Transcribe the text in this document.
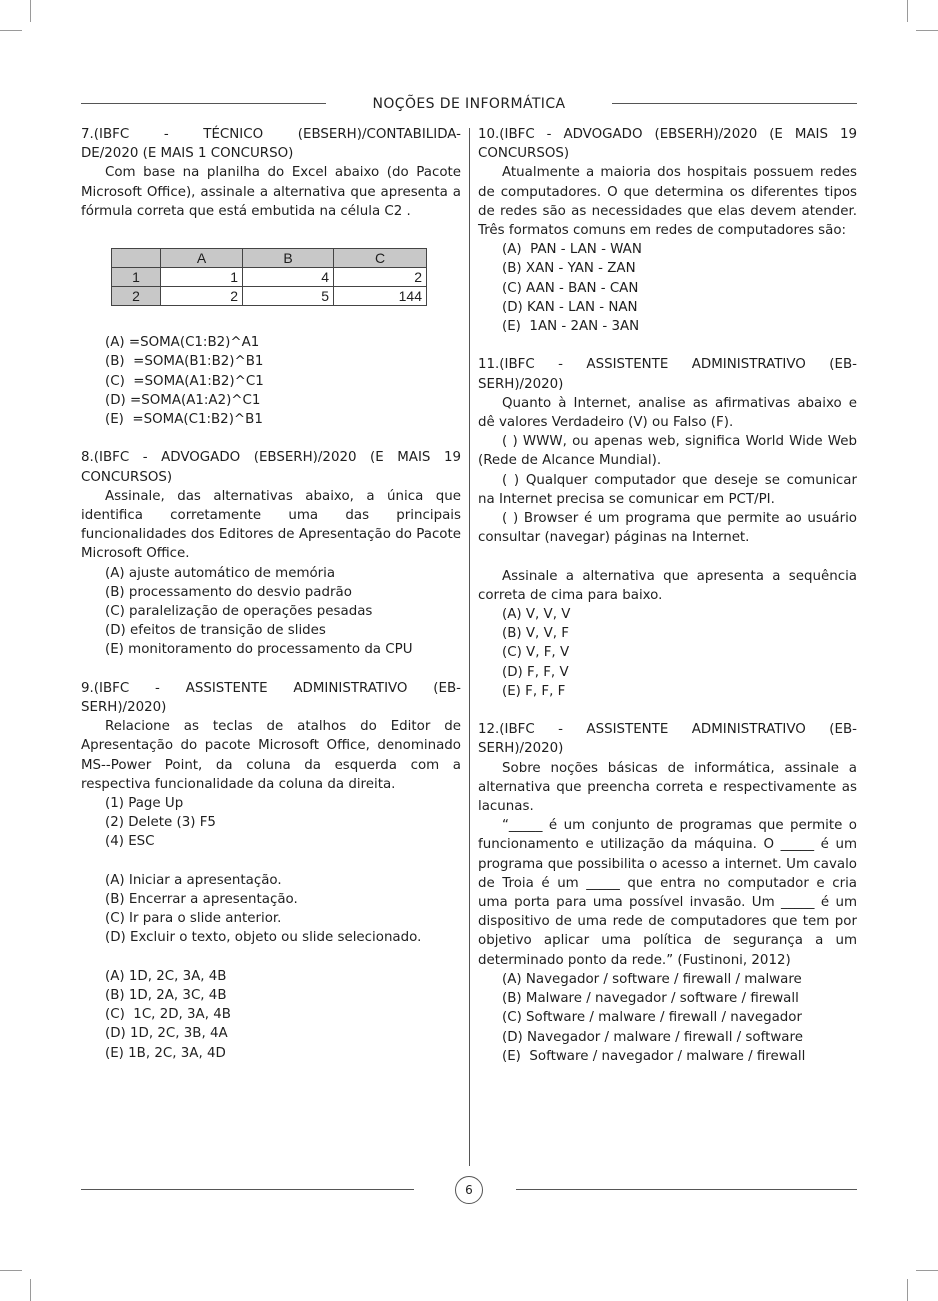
NOÇÕES DE INFORMÁTICA
7.(IBFC - TÉCNICO (EBSERH)/CONTABILIDA-
DE/2020 (E MAIS 1 CONCURSO)

Com base na planilha do Excel abaixo (do Pacote Microsoft Office), assinale a alternativa que apresenta a fórmula correta que está embutida na célula C2 .

	A	B	C
1	1	4	2
2	2	5	144
(A) =SOMA(C1:B2)^A1
(B)  =SOMA(B1:B2)^B1
(C)  =SOMA(A1:B2)^C1
(D) =SOMA(A1:A2)^C1
(E)  =SOMA(C1:B2)^B1
8.(IBFC - ADVOGADO (EBSERH)/2020 (E MAIS 19
CONCURSOS)

Assinale, das alternativas abaixo, a única que identifica corretamente uma das principais funcionalidades dos Editores de Apresentação do Pacote Microsoft Office.

(A) ajuste automático de memória
(B) processamento do desvio padrão
(C) paralelização de operações pesadas
(D) efeitos de transição de slides
(E) monitoramento do processamento da CPU
9.(IBFC - ASSISTENTE ADMINISTRATIVO (EB-
SERH)/2020)

Relacione as teclas de atalhos do Editor de Apresentação do pacote Microsoft Office, denominado MS--Power Point, da coluna da esquerda com a respectiva funcionalidade da coluna da direita.

(1) Page Up
(2) Delete (3) F5
(4) ESC
(A) Iniciar a apresentação.
(B) Encerrar a apresentação.
(C) Ir para o slide anterior.
(D) Excluir o texto, objeto ou slide selecionado.
(A) 1D, 2C, 3A, 4B
(B) 1D, 2A, 3C, 4B
(C)  1C, 2D, 3A, 4B
(D) 1D, 2C, 3B, 4A
(E) 1B, 2C, 3A, 4D
10.(IBFC - ADVOGADO (EBSERH)/2020 (E MAIS 19
CONCURSOS)

Atualmente a maioria dos hospitais possuem redes de computadores. O que determina os diferentes tipos de redes são as necessidades que elas devem atender. Três formatos comuns em redes de computadores são:

(A)  PAN - LAN - WAN
(B) XAN - YAN - ZAN
(C) AAN - BAN - CAN
(D) KAN - LAN - NAN
(E)  1AN - 2AN - 3AN
11.(IBFC - ASSISTENTE ADMINISTRATIVO (EB-
SERH)/2020)

Quanto à Internet, analise as afirmativas abaixo e dê valores Verdadeiro (V) ou Falso (F).

( ) WWW, ou apenas web, significa World Wide Web (Rede de Alcance Mundial).

( ) Qualquer computador que deseje se comunicar na Internet precisa se comunicar em PCT/PI.

( ) Browser é um programa que permite ao usuário consultar (navegar) páginas na Internet.

Assinale a alternativa que apresenta a sequência correta de cima para baixo.

(A) V, V, V
(B) V, V, F
(C) V, F, V
(D) F, F, V
(E) F, F, F
12.(IBFC - ASSISTENTE ADMINISTRATIVO (EB-
SERH)/2020)

Sobre noções básicas de informática, assinale a alternativa que preencha correta e respectivamente as lacunas.

“_____ é um conjunto de programas que permite o funcionamento e utilização da máquina. O _____ é um programa que possibilita o acesso a internet. Um cavalo de Troia é um _____ que entra no computador e cria uma porta para uma possível invasão. Um _____ é um dispositivo de uma rede de computadores que tem por objetivo aplicar uma política de segurança a um determinado ponto da rede.” (Fustinoni, 2012)

(A) Navegador / software / firewall / malware
(B) Malware / navegador / software / firewall
(C) Software / malware / firewall / navegador
(D) Navegador / malware / firewall / software
(E)  Software / navegador / malware / firewall
6
